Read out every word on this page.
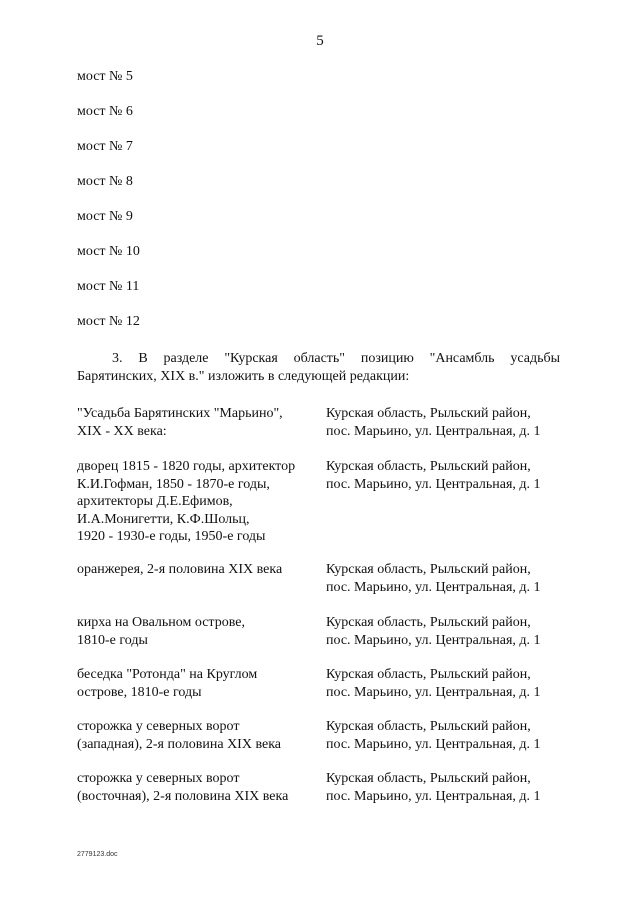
5
мост № 5
мост № 6
мост № 7
мост № 8
мост № 9
мост № 10
мост № 11
мост № 12
3. В разделе "Курская область" позицию "Ансамбль усадьбы
Барятинских, XIX в." изложить в следующей редакции:
"Усадьба Барятинских "Марьино",
XIX - XX века:
Курская область, Рыльский район,
пос. Марьино, ул. Центральная, д. 1
дворец 1815 - 1820 годы, архитектор
К.И.Гофман, 1850 - 1870-е годы,
архитекторы Д.Е.Ефимов,
И.А.Монигетти, К.Ф.Шольц,
1920 - 1930-е годы, 1950-е годы
Курская область, Рыльский район,
пос. Марьино, ул. Центральная, д. 1
оранжерея, 2-я половина XIX века	Курская область, Рыльский район,
пос. Марьино, ул. Центральная, д. 1
кирха на Овальном острове,
1810-е годы
Курская область, Рыльский район,
пос. Марьино, ул. Центральная, д. 1
беседка "Ротонда" на Круглом
острове, 1810-е годы
Курская область, Рыльский район,
пос. Марьино, ул. Центральная, д. 1
сторожка у северных ворот
(западная), 2-я половина XIX века
Курская область, Рыльский район,
пос. Марьино, ул. Центральная, д. 1
сторожка у северных ворот
(восточная), 2-я половина XIX века
Курская область, Рыльский район,
пос. Марьино, ул. Центральная, д. 1
2779123.doc
